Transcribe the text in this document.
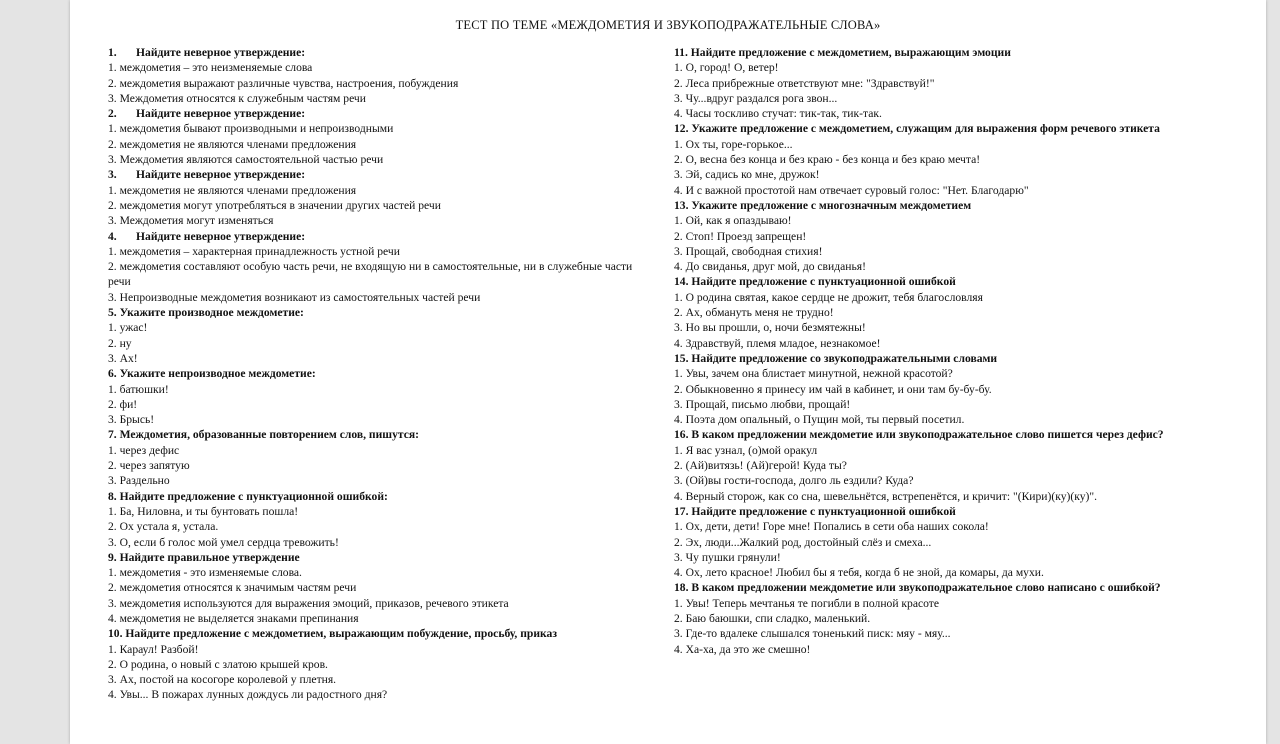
ТЕСТ ПО ТЕМЕ «МЕЖДОМЕТИЯ И ЗВУКОПОДРАЖАТЕЛЬНЫЕ СЛОВА»
1. Найдите неверное утверждение:
1. междометия – это неизменяемые слова
2. междометия выражают различные чувства, настроения, побуждения
3. Междометия относятся к служебным частям речи
2. Найдите неверное утверждение:
1. междометия бывают производными и непроизводными
2. междометия не являются членами предложения
3. Междометия являются самостоятельной частью речи
3. Найдите неверное утверждение:
1. междометия не являются членами предложения
2. междометия могут употребляться в значении других частей речи
3. Междометия могут изменяться
4. Найдите неверное утверждение:
1. междометия – характерная принадлежность устной речи
2. междометия составляют особую часть речи, не входящую ни в самостоятельные, ни в служебные части речи
3. Непроизводные междометия возникают из самостоятельных частей речи
5. Укажите производное междометие:
1. ужас!
2. ну
3. Ах!
6. Укажите непроизводное междометие:
1. батюшки!
2. фи!
3. Брысь!
7. Междометия, образованные повторением слов, пишутся:
1. через дефис
2. через запятую
3. Раздельно
8. Найдите предложение с пунктуационной ошибкой:
1. Ба, Ниловна, и ты бунтовать пошла!
2. Ох устала я, устала.
3. О, если б голос мой умел сердца тревожить!
9. Найдите правильное утверждение
1. междометия - это изменяемые слова.
2. междометия относятся к значимым частям речи
3. междометия используются для выражения эмоций, приказов, речевого этикета
4. междометия не выделяется знаками препинания
10. Найдите предложение с междометием, выражающим побуждение, просьбу, приказ
1. Караул! Разбой!
2. О родина, о новый с златою крышей кров.
3. Ах, постой на косогоре королевой у плетня.
4. Увы... В пожарах лунных дождусь ли радостного дня?
11. Найдите предложение с междометием, выражающим эмоции
1. О, город! О, ветер!
2. Леса прибрежные ответствуют мне: "Здравствуй!"
3. Чу...вдруг раздался рога звон...
4. Часы тоскливо стучат: тик-так, тик-так.
12. Укажите предложение с междометием, служащим для выражения форм речевого этикета
1. Ох ты, горе-горькое...
2. О, весна без конца и без краю - без конца и без краю мечта!
3. Эй, садись ко мне, дружок!
4. И с важной простотой нам отвечает суровый голос: "Нет. Благодарю"
13. Укажите предложение с многозначным междометием
1. Ой, как я опаздываю!
2. Стоп! Проезд запрещен!
3. Прощай, свободная стихия!
4. До свиданья, друг мой, до свиданья!
14. Найдите предложение с пунктуационной ошибкой
1. О родина святая, какое сердце не дрожит, тебя благословляя
2. Ах, обмануть меня не трудно!
3. Но вы прошли, о, ночи безмятежны!
4. Здравствуй, племя младое, незнакомое!
15. Найдите предложение со звукоподражательными словами
1. Увы, зачем она блистает минутной, нежной красотой?
2. Обыкновенно я принесу им чай в кабинет, и они там бу-бу-бу.
3. Прощай, письмо любви, прощай!
4. Поэта дом опальный, о Пущин мой, ты первый посетил.
16. В каком предложении междометие или звукоподражательное слово пишется через дефис?
1. Я вас узнал, (о)мой оракул
2. (Ай)витязь! (Ай)герой! Куда ты?
3. (Ой)вы гости-господа, долго ль ездили? Куда?
4. Верный сторож, как со сна, шевельнётся, встрепенётся, и кричит: "(Кири)(ку)(ку)".
17. Найдите предложение с пунктуационной ошибкой
1. Ох, дети, дети! Горе мне! Попались в сети оба наших сокола!
2. Эх, люди...Жалкий род, достойный слёз и смеха...
3. Чу пушки грянули!
4. Ох, лето красное! Любил бы я тебя, когда б не зной, да комары, да мухи.
18. В каком предложении междометие или звукоподражательное слово написано с ошибкой?
1. Увы! Теперь мечтанья те погибли в полной красоте
2. Баю баюшки, спи сладко, маленький.
3. Где-то вдалеке слышался тоненький писк: мяу - мяу...
4. Ха-ха, да это же смешно!
